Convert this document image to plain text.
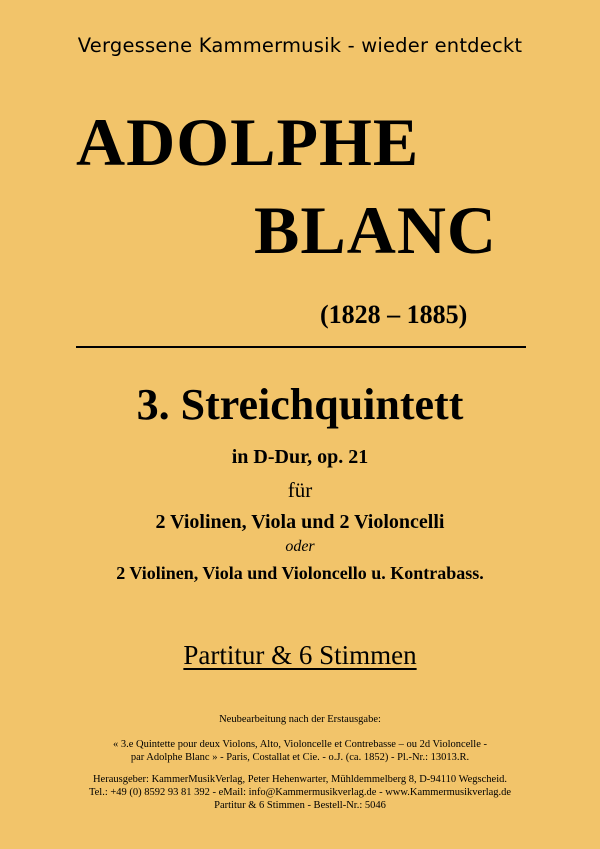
Vergessene Kammermusik - wieder entdeckt
ADOLPHE
BLANC
(1828 – 1885)
3. Streichquintett
in D-Dur, op. 21
für
2 Violinen, Viola und 2 Violoncelli
oder
2 Violinen, Viola und Violoncello u. Kontrabass.
Partitur & 6 Stimmen
Neubearbeitung nach der Erstausgabe:
« 3.e Quintette pour deux Violons, Alto, Violoncelle et Contrebasse – ou 2d Violoncelle -
par Adolphe Blanc » - Paris, Costallat et Cie. - o.J. (ca. 1852) - Pl.-Nr.: 13013.R.
Herausgeber: KammerMusikVerlag, Peter Hehenwarter, Mühldemmelberg 8, D-94110 Wegscheid.
Tel.: +49 (0) 8592 93 81 392 - eMail: info@Kammermusikverlag.de - www.Kammermusikverlag.de
Partitur & 6 Stimmen - Bestell-Nr.: 5046
